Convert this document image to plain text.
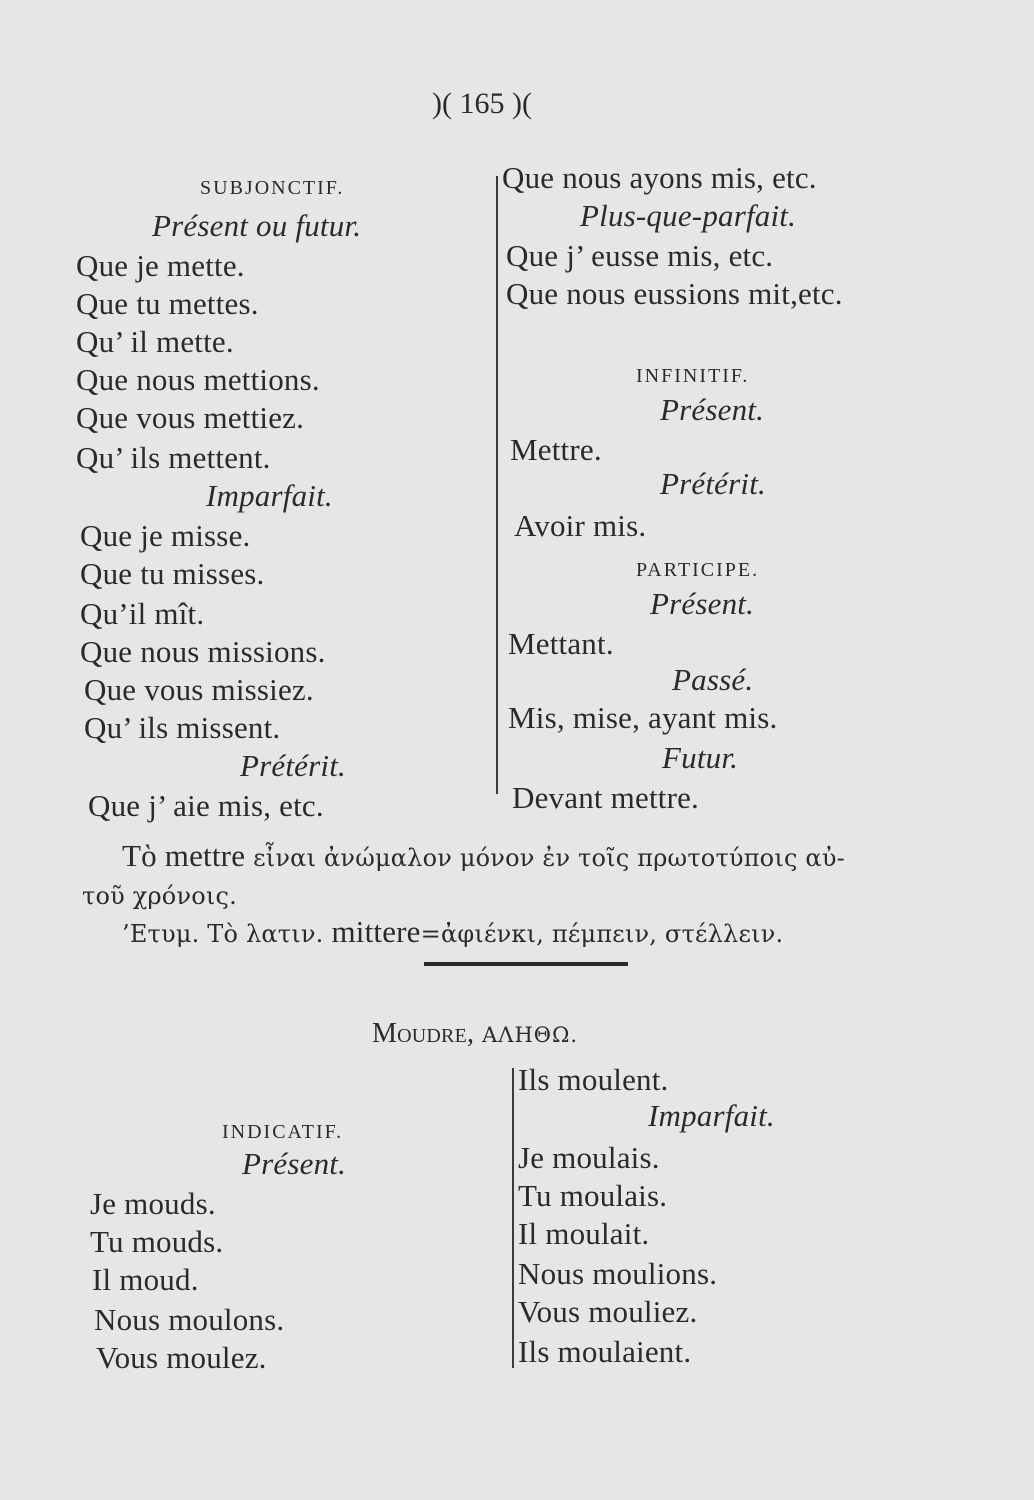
)( 165 )(
SUBJONCTIF.
Présent ou futur.
Que je mette.
Que tu mettes.
Qu’ il mette.
Que nous mettions.
Que vous mettiez.
Qu’ ils mettent.
Imparfait.
Que je misse.
Que tu misses.
Qu’il mît.
Que nous missions.
Que vous missiez.
Qu’ ils missent.
Prétérit.
Que j’ aie mis, etc.
Que nous ayons mis, etc.
Plus-que-parfait.
Que j’ eusse mis, etc.
Que nous eussions mit,etc.
INFINITIF.
Présent.
Mettre.
Prétérit.
Avoir mis.
PARTICIPE.
Présent.
Mettant.
Passé.
Mis, mise, ayant mis.
Futur.
Devant mettre.
Τὸ mettre εἶναι ἀνώμαλον μόνον ἐν τοῖς πρωτοτύποις αὐ-
τοῦ χρόνοις.
’Ετυμ. Τὸ λατιν. mittere=ἀφιένκι, πέμπειν, στέλλειν.
Moudre, ΑΛΗΘΩ.
INDICATIF.
Présent.
Je mouds.
Tu mouds.
Il moud.
Nous moulons.
Vous moulez.
Ils moulent.
Imparfait.
Je moulais.
Tu moulais.
Il moulait.
Nous moulions.
Vous mouliez.
Ils moulaient.
